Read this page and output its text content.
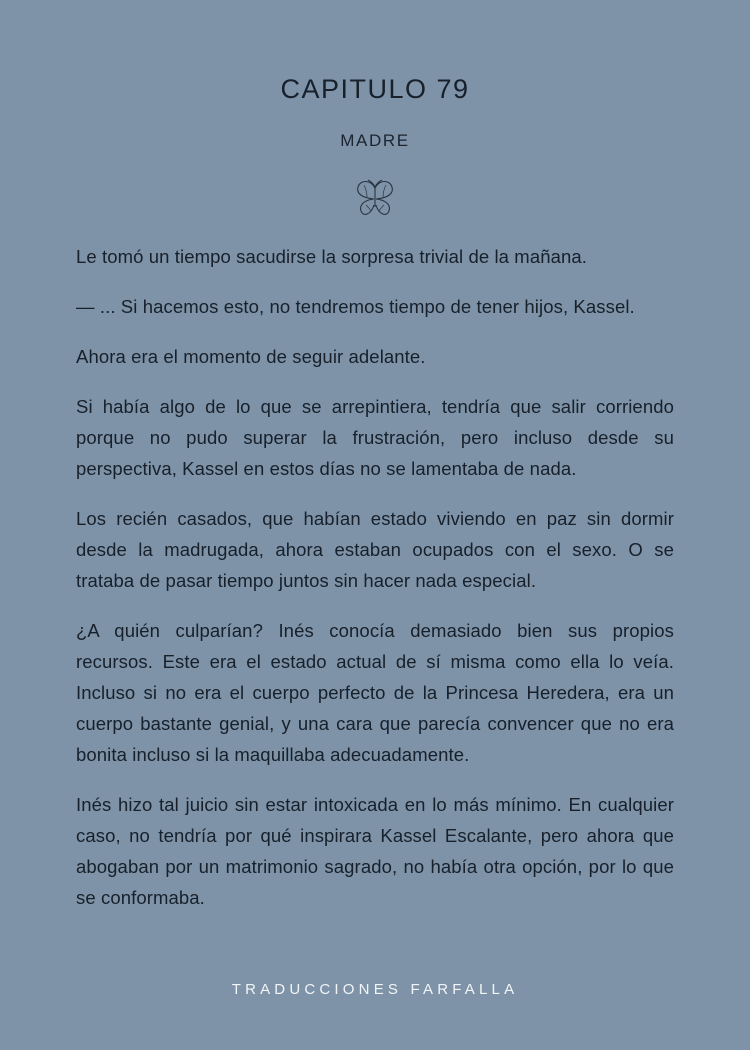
CAPITULO 79
MADRE

Le tomó un tiempo sacudirse la sorpresa trivial de la mañana.

— ... Si hacemos esto, no tendremos tiempo de tener hijos, Kassel.

Ahora era el momento de seguir adelante.

Si había algo de lo que se arrepintiera, tendría que salir corriendo porque no pudo superar la frustración, pero incluso desde su perspectiva, Kassel en estos días no se lamentaba de nada.

Los recién casados, que habían estado viviendo en paz sin dormir desde la madrugada, ahora estaban ocupados con el sexo. O se trataba de pasar tiempo juntos sin hacer nada especial.

¿A quién culparían? Inés conocía demasiado bien sus propios recursos. Este era el estado actual de sí misma como ella lo veía. Incluso si no era el cuerpo perfecto de la Princesa Heredera, era un cuerpo bastante genial, y una cara que parecía convencer que no era bonita incluso si la maquillaba adecuadamente.

Inés hizo tal juicio sin estar intoxicada en lo más mínimo. En cualquier caso, no tendría por qué inspirara Kassel Escalante, pero ahora que abogaban por un matrimonio sagrado, no había otra opción, por lo que se conformaba.

TRADUCCIONES FARFALLA
